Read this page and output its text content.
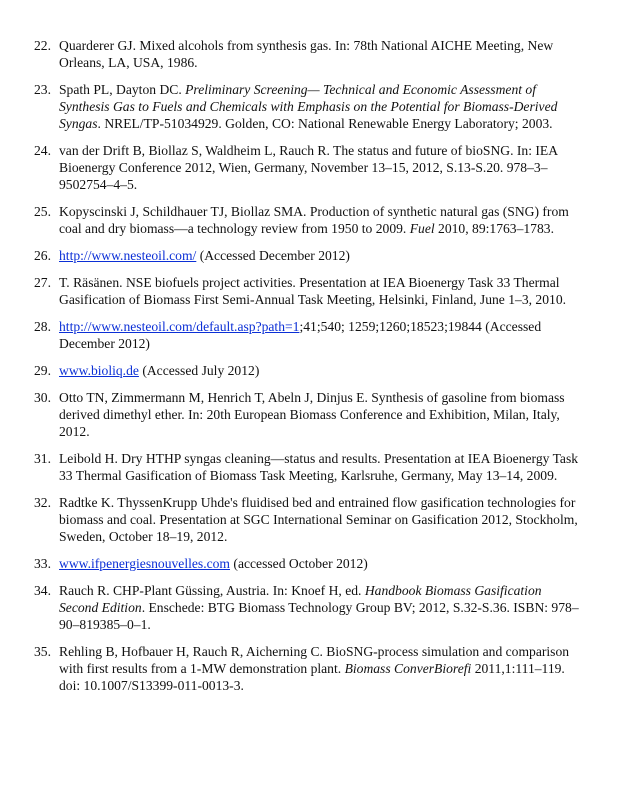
22. Quarderer GJ. Mixed alcohols from synthesis gas. In: 78th National AICHE Meeting, New Orleans, LA, USA, 1986.
23. Spath PL, Dayton DC. Preliminary Screening— Technical and Economic Assessment of Synthesis Gas to Fuels and Chemicals with Emphasis on the Potential for Biomass-Derived Syngas. NREL/TP-51034929. Golden, CO: National Renewable Energy Laboratory; 2003.
24. van der Drift B, Biollaz S, Waldheim L, Rauch R. The status and future of bioSNG. In: IEA Bioenergy Conference 2012, Wien, Germany, November 13–15, 2012, S.13-S.20. 978–3–9502754–4–5.
25. Kopyscinski J, Schildhauer TJ, Biollaz SMA. Production of synthetic natural gas (SNG) from coal and dry biomass—a technology review from 1950 to 2009. Fuel 2010, 89:1763–1783.
26. http://www.nesteoil.com/ (Accessed December 2012)
27. T. Räsänen. NSE biofuels project activities. Presentation at IEA Bioenergy Task 33 Thermal Gasification of Biomass First Semi-Annual Task Meeting, Helsinki, Finland, June 1–3, 2010.
28. http://www.nesteoil.com/default.asp?path=1;41;540; 1259;1260;18523;19844 (Accessed December 2012)
29. www.bioliq.de (Accessed July 2012)
30. Otto TN, Zimmermann M, Henrich T, Abeln J, Dinjus E. Synthesis of gasoline from biomass derived dimethyl ether. In: 20th European Biomass Conference and Exhibition, Milan, Italy, 2012.
31. Leibold H. Dry HTHP syngas cleaning—status and results. Presentation at IEA Bioenergy Task 33 Thermal Gasification of Biomass Task Meeting, Karlsruhe, Germany, May 13–14, 2009.
32. Radtke K. ThyssenKrupp Uhde's fluidised bed and entrained flow gasification technologies for biomass and coal. Presentation at SGC International Seminar on Gasification 2012, Stockholm, Sweden, October 18–19, 2012.
33. www.ifpenergiesnouvelles.com (accessed October 2012)
34. Rauch R. CHP-Plant Güssing, Austria. In: Knoef H, ed. Handbook Biomass Gasification Second Edition. Enschede: BTG Biomass Technology Group BV; 2012, S.32-S.36. ISBN: 978–90–819385–0–1.
35. Rehling B, Hofbauer H, Rauch R, Aicherning C. BioSNG-process simulation and comparison with first results from a 1-MW demonstration plant. Biomass ConverBiorefi 2011,1:111–119. doi: 10.1007/S13399-011-0013-3.
